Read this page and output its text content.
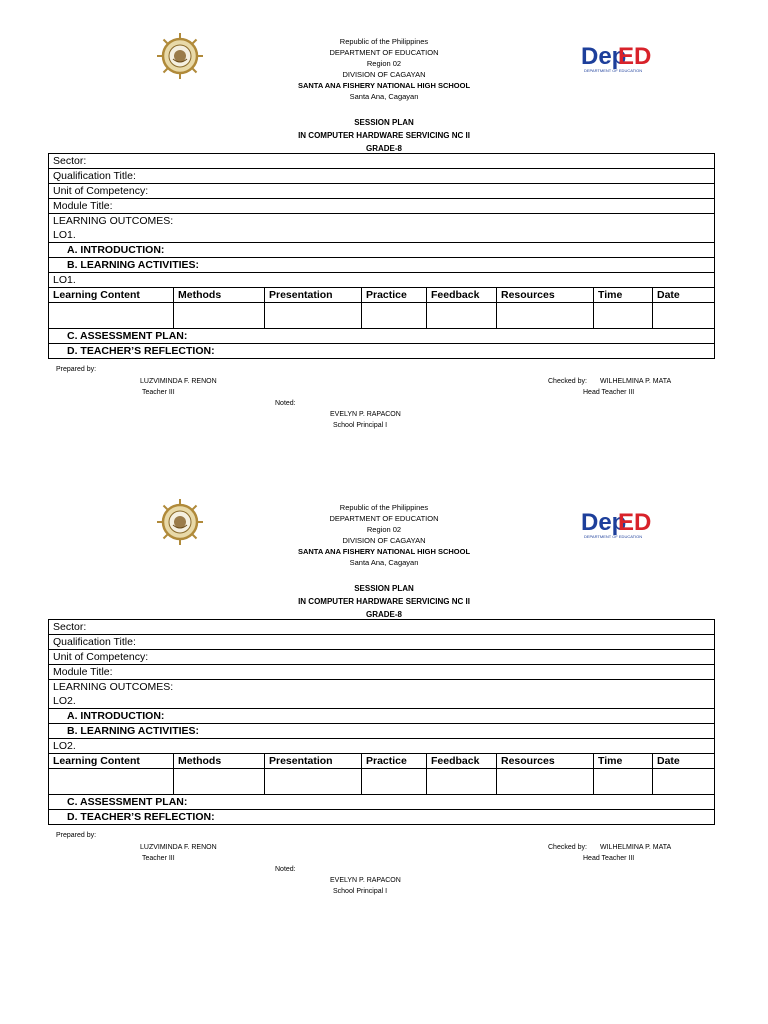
Dep
ED
DEPARTMENT OF EDUCATION
Republic of the Philippines
DEPARTMENT OF EDUCATION
Region 02
DIVISION OF CAGAYAN
SANTA ANA FISHERY NATIONAL HIGH SCHOOL
Santa Ana, Cagayan
SESSION PLAN
IN COMPUTER HARDWARE SERVICING NC II
GRADE-8
Sector:							
Qualification Title:							
Unit of Competency:							
Module Title:							
LEARNING OUTCOMES:							
LO1.							
A. INTRODUCTION:							
B. LEARNING ACTIVITIES:							
LO1.							
Learning Content	Methods	Presentation	Practice	Feedback	Resources	Time	Date

C. ASSESSMENT PLAN:							
D. TEACHER’S REFLECTION:							
Prepared by:
LUZVIMINDA F. RENON
Teacher III
Checked by: WILHELMINA P. MATA
Head Teacher III
Noted:
EVELYN P. RAPACON
School Principal I
Dep
ED
DEPARTMENT OF EDUCATION
Republic of the Philippines
DEPARTMENT OF EDUCATION
Region 02
DIVISION OF CAGAYAN
SANTA ANA FISHERY NATIONAL HIGH SCHOOL
Santa Ana, Cagayan
SESSION PLAN
IN COMPUTER HARDWARE SERVICING NC II
GRADE-8
Sector:							
Qualification Title:							
Unit of Competency:							
Module Title:							
LEARNING OUTCOMES:							
LO2.							
A. INTRODUCTION:							
B. LEARNING ACTIVITIES:							
LO2.							
Learning Content	Methods	Presentation	Practice	Feedback	Resources	Time	Date

C. ASSESSMENT PLAN:							
D. TEACHER’S REFLECTION:							
Prepared by:
LUZVIMINDA F. RENON
Teacher III
Checked by: WILHELMINA P. MATA
Head Teacher III
Noted:
EVELYN P. RAPACON
School Principal I
